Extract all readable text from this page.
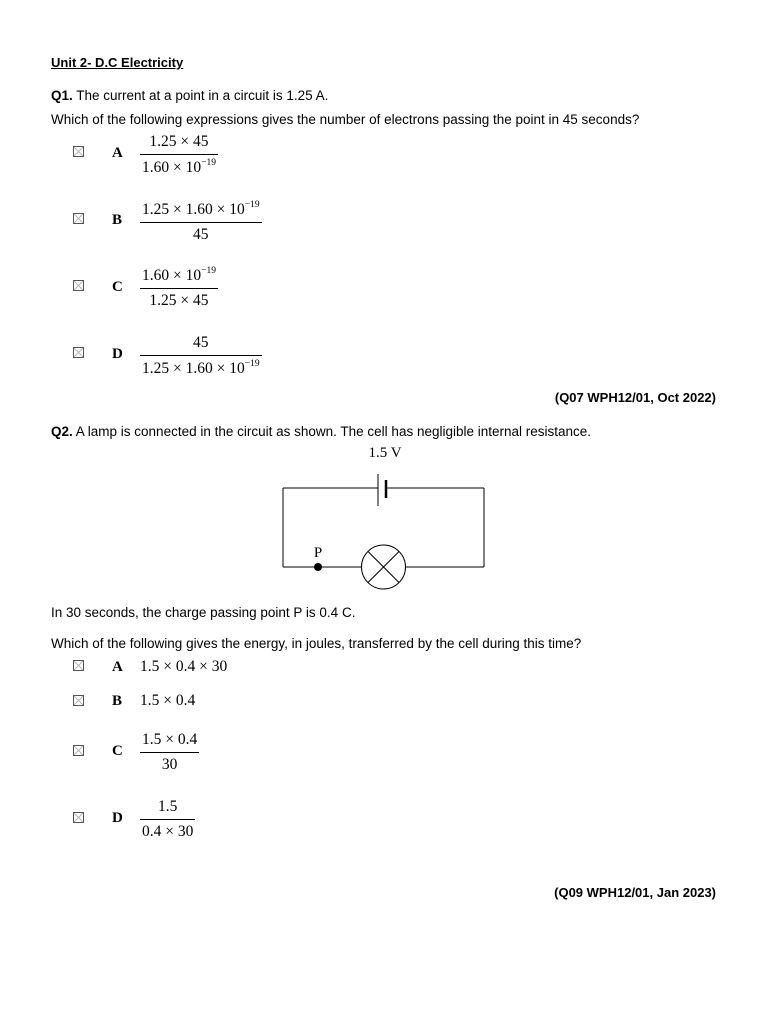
Unit 2- D.C Electricity
Q1. The current at a point in a circuit is 1.25 A.
Which of the following expressions gives the number of electrons passing the point in 45 seconds?
A
1.25 × 45
$1.60 \times 10^{-19}$
B
$1.25 \times 1.60 \times 10^{-19}$
45
C
$1.60 \times 10^{-19}$
1.25 × 45
D
45
$1.25 \times 1.60 \times 10^{-19}$
(Q07 WPH12/01, Oct 2022)
Q2. A lamp is connected in the circuit as shown. The cell has negligible internal resistance.
1.5 V
P
In 30 seconds, the charge passing point P is 0.4 C.
Which of the following gives the energy, in joules, transferred by the cell during this time?
A 1.5 × 0.4 × 30
B 1.5 × 0.4
C
1.5 × 0.4
30
D
1.5
0.4 × 30
(Q09 WPH12/01, Jan 2023)
